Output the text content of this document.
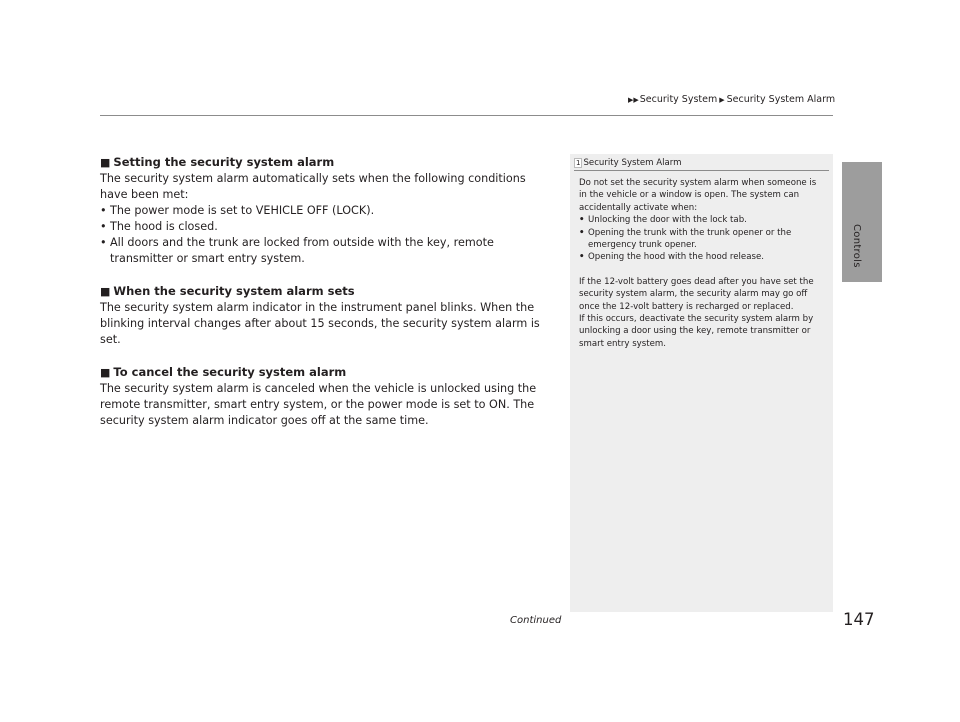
▶▶Security System ▶ Security System Alarm
Controls
■ Setting the security system alarm

The security system alarm automatically sets when the following conditions have been met:

• The power mode is set to VEHICLE OFF (LOCK).
• The hood is closed.
• All doors and the trunk are locked from outside with the key, remote transmitter or smart entry system.
■ When the security system alarm sets

The security system alarm indicator in the instrument panel blinks. When the blinking interval changes after about 15 seconds, the security system alarm is set.

■ To cancel the security system alarm

The security system alarm is canceled when the vehicle is unlocked using the remote transmitter, smart entry system, or the power mode is set to ON. The security system alarm indicator goes off at the same time.

1 Security System Alarm

Do not set the security system alarm when someone is in the vehicle or a window is open. The system can accidentally activate when:

• Unlocking the door with the lock tab.
• Opening the trunk with the trunk opener or the emergency trunk opener.
• Opening the hood with the hood release.

If the 12-volt battery goes dead after you have set the security system alarm, the security alarm may go off once the 12-volt battery is recharged or replaced.

If this occurs, deactivate the security system alarm by unlocking a door using the key, remote transmitter or smart entry system.

Continued	147
